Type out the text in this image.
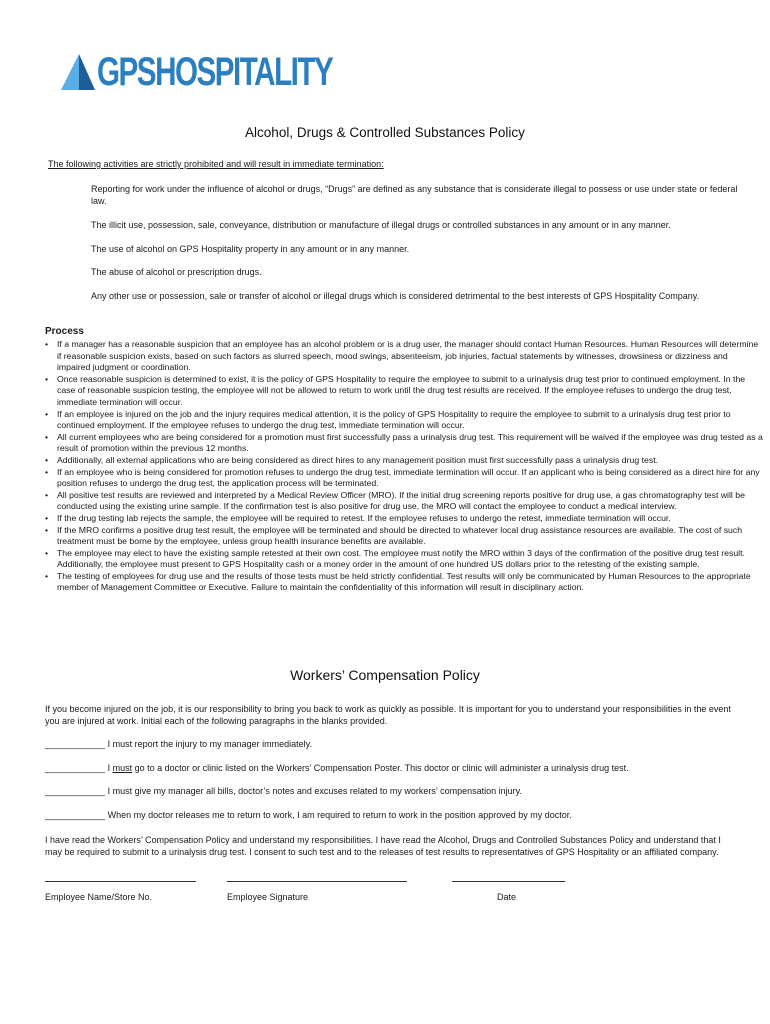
GPSHOSPITALITY
Alcohol, Drugs & Controlled Substances Policy
The following activities are strictly prohibited and will result in immediate termination:
Reporting for work under the influence of alcohol or drugs, “Drugs” are defined as any substance that is considerate illegal to possess or use under state or federal law.
The illicit use, possession, sale, conveyance, distribution or manufacture of illegal drugs or controlled substances in any amount or in any manner.
The use of alcohol on GPS Hospitality property in any amount or in any manner.
The abuse of alcohol or prescription drugs.
Any other use or possession, sale or transfer of alcohol or illegal drugs which is considered detrimental to the best interests of GPS Hospitality Company.
Process
• If a manager has a reasonable suspicion that an employee has an alcohol problem or is a drug user, the manager should contact Human Resources. Human Resources will determine if reasonable suspicion exists, based on such factors as slurred speech, mood swings, absenteeism, job injuries, factual statements by witnesses, drowsiness or dizziness and impaired judgment or coordination.
• Once reasonable suspicion is determined to exist, it is the policy of GPS Hospitality to require the employee to submit to a urinalysis drug test prior to continued employment. In the case of reasonable suspicion testing, the employee will not be allowed to return to work until the drug test results are received. If the employee refuses to undergo the drug test, immediate termination will occur.
• If an employee is injured on the job and the injury requires medical attention, it is the policy of GPS Hospitality to require the employee to submit to a urinalysis drug test prior to continued employment. If the employee refuses to undergo the drug test, immediate termination will occur.
• All current employees who are being considered for a promotion must first successfully pass a urinalysis drug test. This requirement will be waived if the employee was drug tested as a result of promotion within the previous 12 months.
• Additionally, all external applications who are being considered as direct hires to any management position must first successfully pass a urinalysis drug test.
• If an employee who is being considered for promotion refuses to undergo the drug test, immediate termination will occur. If an applicant who is being considered as a direct hire for any position refuses to undergo the drug test, the application process will be terminated.
• All positive test results are reviewed and interpreted by a Medical Review Officer (MRO). If the initial drug screening reports positive for drug use, a gas chromatography test will be conducted using the existing urine sample. If the confirmation test is also positive for drug use, the MRO will contact the employee to conduct a medical interview.
• If the drug testing lab rejects the sample, the employee will be required to retest. If the employee refuses to undergo the retest, immediate termination will occur.
• If the MRO confirms a positive drug test result, the employee will be terminated and should be directed to whatever local drug assistance resources are available. The cost of such treatment must be borne by the employee, unless group health insurance benefits are available.
• The employee may elect to have the existing sample retested at their own cost. The employee must notify the MRO within 3 days of the confirmation of the positive drug test result. Additionally, the employee must present to GPS Hospitality cash or a money order in the amount of one hundred US dollars prior to the retesting of the existing sample.
• The testing of employees for drug use and the results of those tests must be held strictly confidential. Test results will only be communicated by Human Resources to the appropriate member of Management Committee or Executive. Failure to maintain the confidentiality of this information will result in disciplinary action.
Workers’ Compensation Policy
If you become injured on the job, it is our responsibility to bring you back to work as quickly as possible. It is important for you to understand your responsibilities in the event you are injured at work. Initial each of the following paragraphs in the blanks provided.
____________ I must report the injury to my manager immediately.
____________ I must go to a doctor or clinic listed on the Workers’ Compensation Poster. This doctor or clinic will administer a urinalysis drug test.
____________ I must give my manager all bills, doctor’s notes and excuses related to my workers’ compensation injury.
____________ When my doctor releases me to return to work, I am required to return to work in the position approved by my doctor.
I have read the Workers’ Compensation Policy and understand my responsibilities. I have read the Alcohol, Drugs and Controlled Substances Policy and understand that I may be required to submit to a urinalysis drug test. I consent to such test and to the releases of test results to representatives of GPS Hospitality or an affiliated company.
Employee Name/Store No.	Employee Signature	Date
